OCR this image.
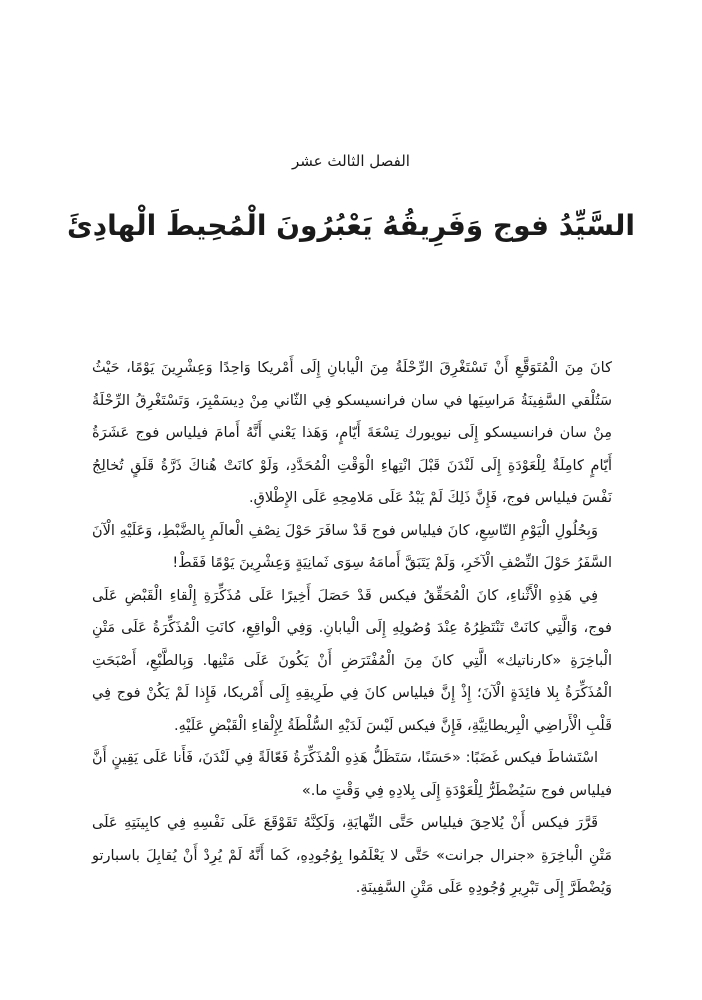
الفصل الثالث عشر
السَّيِّدُ فوج وَفَرِيقُهُ يَعْبُرُونَ الْمُحِيطَ الْهادِئَ

كانَ مِنَ الْمُتَوَقَّعِ أَنْ تَسْتَغْرِقَ الرِّحْلَةُ مِنَ الْيابانِ إِلَى أَمْريكا وَاحِدًا وَعِشْرِينَ يَوْمًا، حَيْثُ سَتُلْقي السَّفِينَةُ مَراسِيَها في سان فرانسيسكو فِي الثّاني مِنْ دِيسَمْبِرَ، وَتَسْتَغْرِقُ الرِّحْلَةُ مِنْ سان فرانسيسكو إِلَى نيويورك تِسْعَةَ أَيّامٍ، وَهَذا يَعْني أَنَّهُ أَمامَ فيلياس فوج عَشَرَةُ أَيّامٍ كامِلَةٌ لِلْعَوْدَةِ إِلَى لَنْدَنَ قَبْلَ انْتِهاءِ الْوَقْتِ الْمُحَدَّدِ، وَلَوْ كانَتْ هُناكَ ذَرَّةُ قَلَقٍ تُخالِجُ نَفْسَ فيلياس فوج، فَإِنَّ ذَلِكَ لَمْ يَبْدُ عَلَى مَلامِحِهِ عَلَى الإِطْلاقِ.

وَبِحُلُولِ الْيَوْمِ التّاسِعِ، كانَ فيلياس فوج قَدْ سافَرَ حَوْلَ نِصْفِ الْعالَمِ بِالضَّبْطِ، وَعَلَيْهِ الْآنَ السَّفَرُ حَوْلَ النِّصْفِ الْآخَرِ، وَلَمْ يَتَبَقَّ أَمامَهُ سِوَى ثَمانِيَةٍ وَعِشْرِينَ يَوْمًا فَقَطْ!

فِي هَذِهِ الْأَثْناءِ، كانَ الْمُحَقِّقُ فيكس قَدْ حَصَلَ أَخِيرًا عَلَى مُذَكِّرَةِ إِلْقاءِ الْقَبْضِ عَلَى فوج، وَالَّتِي كانَتْ تَنْتَظِرُهُ عِنْدَ وُصُولِهِ إِلَى الْيابانِ. وَفِي الْواقِعِ، كانَتِ الْمُذَكِّرَةُ عَلَى مَتْنِ الْباخِرَةِ «كارناتيك» الَّتِي كانَ مِنَ الْمُفْتَرَضِ أَنْ يَكُونَ عَلَى مَتْنِها. وَبِالطَّبْعِ، أَصْبَحَتِ الْمُذَكِّرَةُ بِلا فائِدَةٍ الْآنَ؛ إِذْ إِنَّ فيلياس كانَ فِي طَرِيقِهِ إِلَى أَمْريكا، فَإِذا لَمْ يَكُنْ فوج فِي قَلْبِ الْأَراضِي الْبِريطانِيَّةِ، فَإِنَّ فيكس لَيْسَ لَدَيْهِ السُّلْطَةُ لِإِلْقاءِ الْقَبْضِ عَلَيْهِ.

اسْتَشاطَ فيكس غَضَبًا: «حَسَنًا، سَتَظَلُّ هَذِهِ الْمُذَكِّرَةُ فَعّالَةً فِي لَنْدَنَ، فَأَنا عَلَى يَقِينٍ أَنَّ فيلياس فوج سَيُضْطَرُّ لِلْعَوْدَةِ إِلَى بِلادِهِ فِي وَقْتٍ ما.»

قَرَّرَ فيكس أَنْ يُلاحِقَ فيلياس حَتَّى النِّهايَةِ، وَلَكِنَّهُ تَقَوْقَعَ عَلَى نَفْسِهِ فِي كابِينَتِهِ عَلَى مَتْنِ الْباخِرَةِ «جنرال جرانت» حَتَّى لا يَعْلَمُوا بِوُجُودِهِ، كَما أَنَّهُ لَمْ يُرِدْ أَنْ يُقابِلَ باسبارتو وَيُضْطَرَّ إِلَى تَبْرِيرِ وُجُودِهِ عَلَى مَتْنِ السَّفِينَةِ.
